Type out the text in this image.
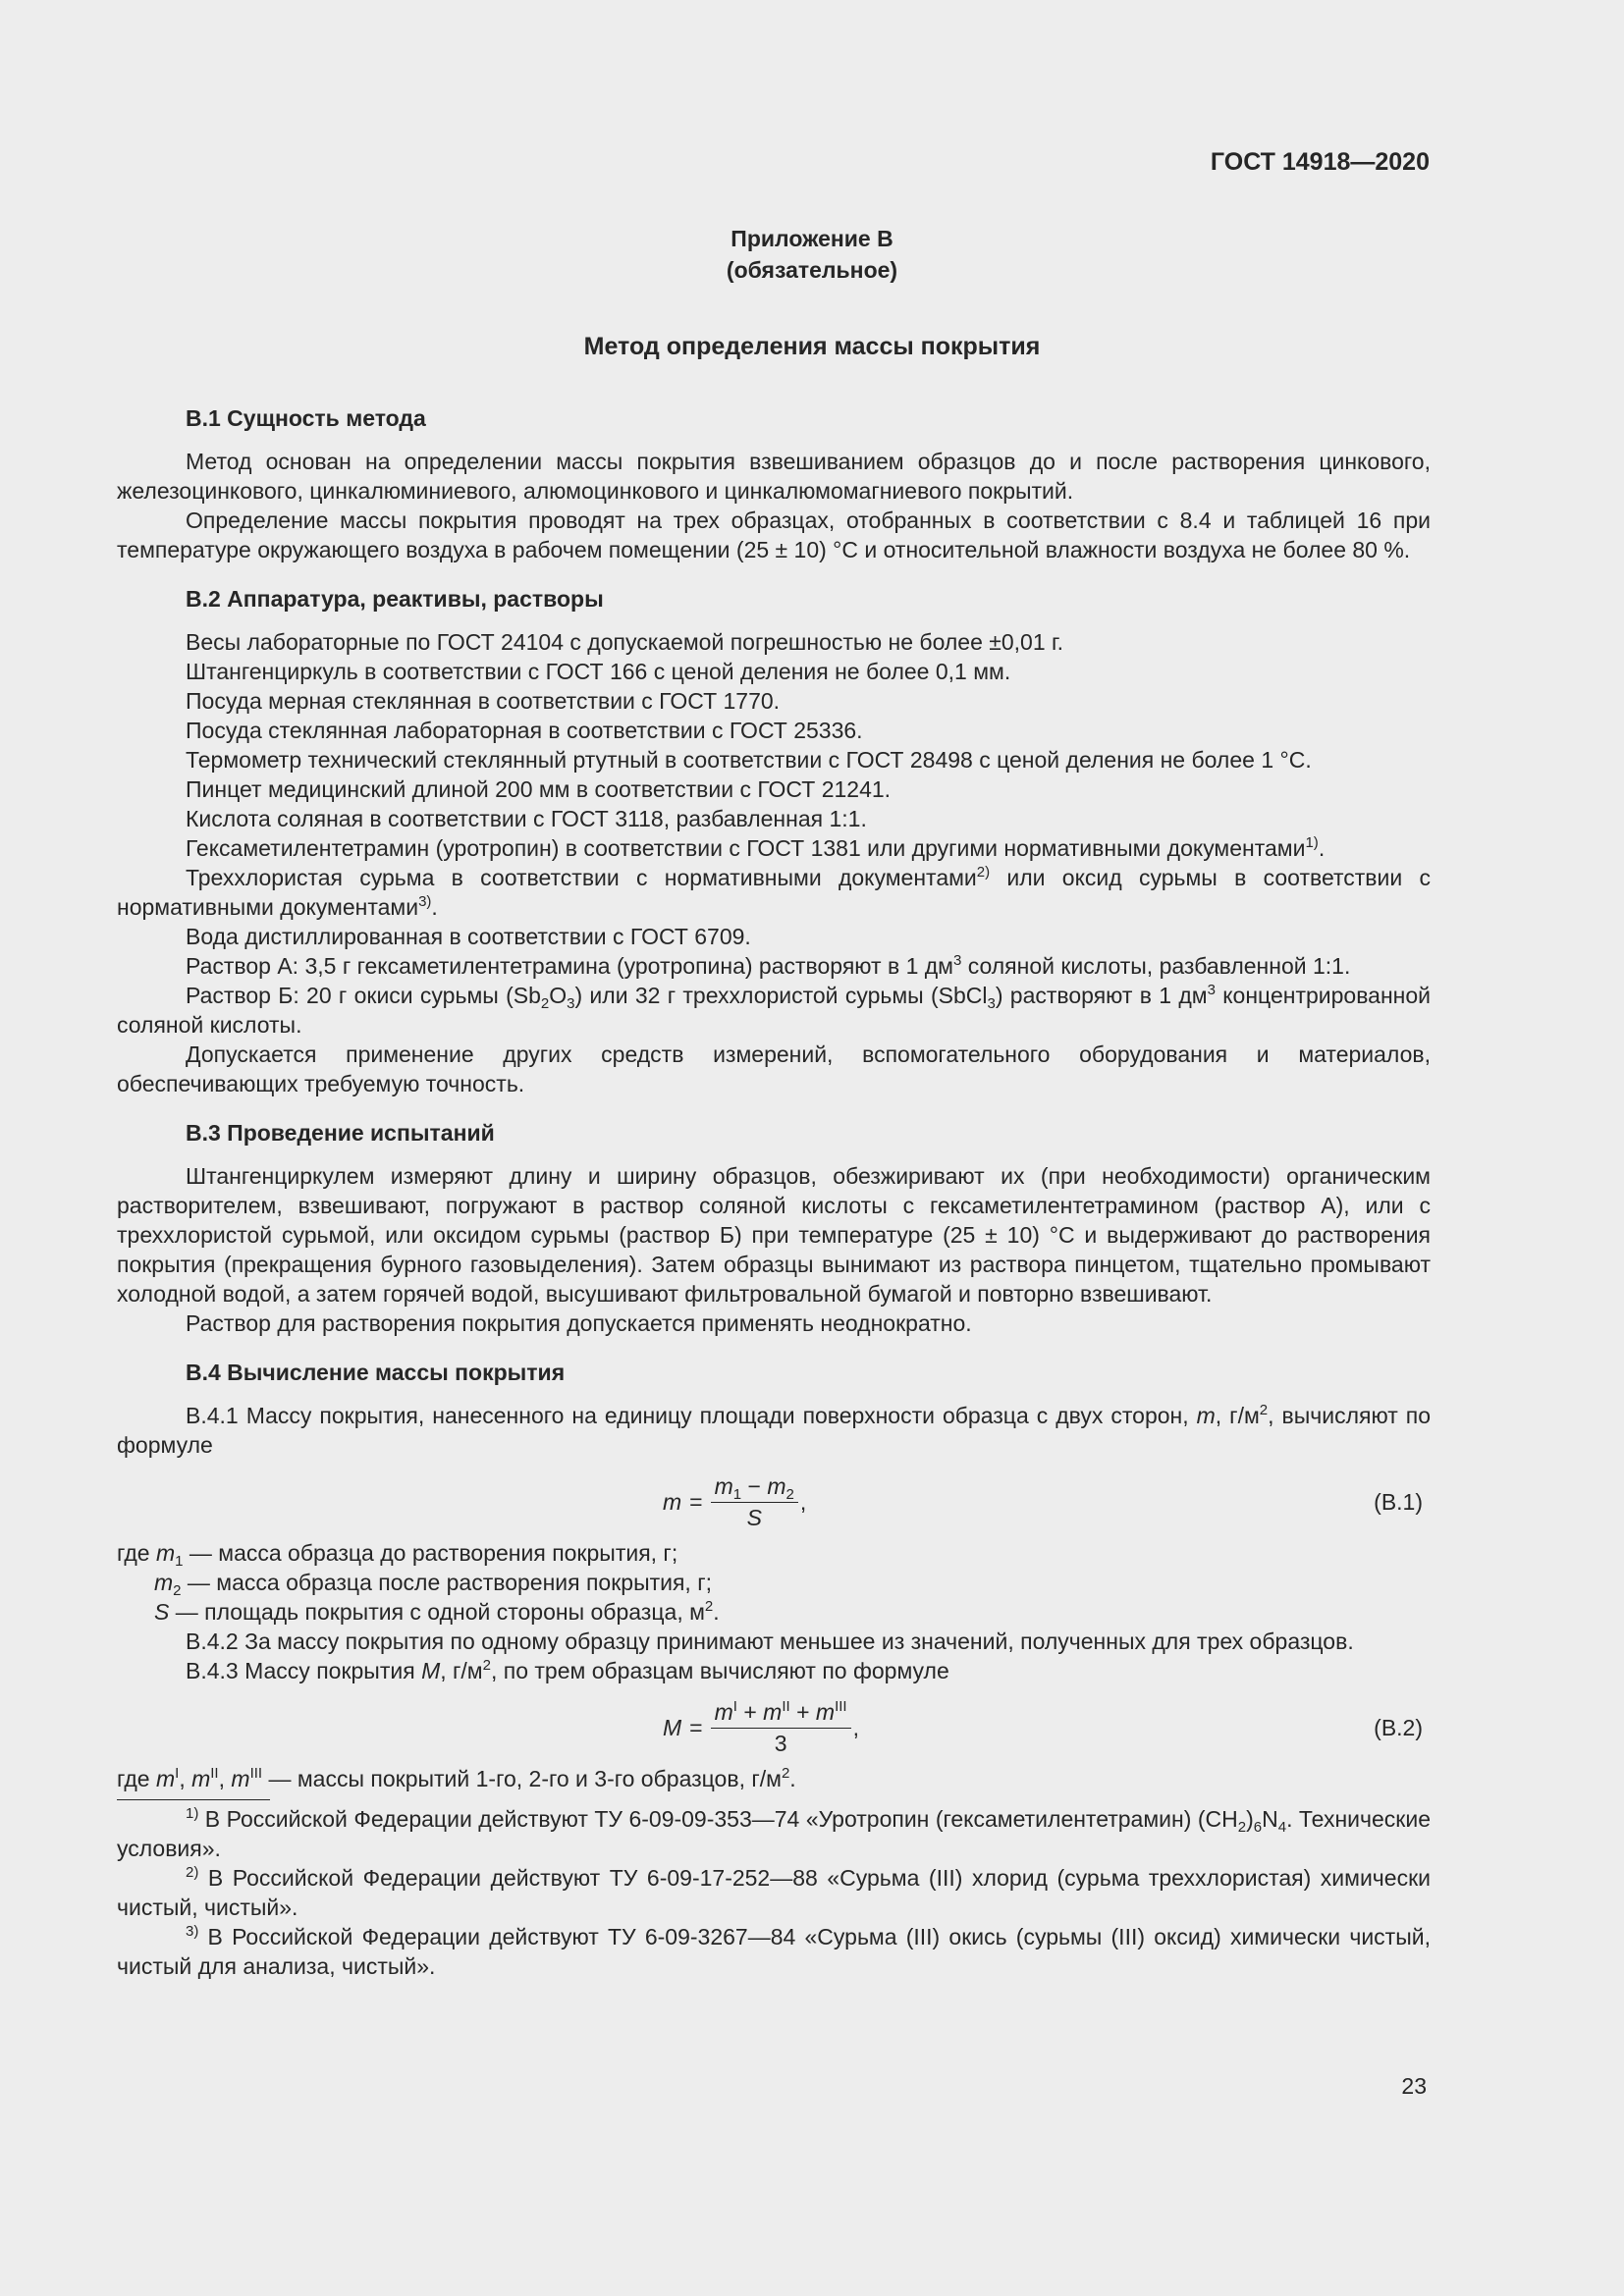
ГОСТ 14918—2020
Приложение В
(обязательное)
Метод определения массы покрытия

В.1 Сущность метода

Метод основан на определении массы покрытия взвешиванием образцов до и после растворения цинкового, железоцинкового, цинкалюминиевого, алюмоцинкового и цинкалюмомагниевого покрытий.

Определение массы покрытия проводят на трех образцах, отобранных в соответствии с 8.4 и таблицей 16 при температуре окружающего воздуха в рабочем помещении (25 ± 10) °С и относительной влажности воздуха не более 80 %.

В.2 Аппаратура, реактивы, растворы

Весы лабораторные по ГОСТ 24104 с допускаемой погрешностью не более ±0,01 г.

Штангенциркуль в соответствии с ГОСТ 166 с ценой деления не более 0,1 мм.

Посуда мерная стеклянная в соответствии с ГОСТ 1770.

Посуда стеклянная лабораторная в соответствии с ГОСТ 25336.

Термометр технический стеклянный ртутный в соответствии с ГОСТ 28498 с ценой деления не более 1 °С.

Пинцет медицинский длиной 200 мм в соответствии с ГОСТ 21241.

Кислота соляная в соответствии с ГОСТ 3118, разбавленная 1:1.

Гексаметилентетрамин (уротропин) в соответствии с ГОСТ 1381 или другими нормативными документами$^{1)}$.

Треххлористая сурьма в соответствии с нормативными документами$^{2)}$ или оксид сурьмы в соответствии с нормативными документами$^{3)}$.

Вода дистиллированная в соответствии с ГОСТ 6709.

Раствор А: 3,5 г гексаметилентетрамина (уротропина) растворяют в 1 $дм^3$ соляной кислоты, разбавленной 1:1.

Раствор Б: 20 г окиси сурьмы $(Sb_2O_3)$ или 32 г треххлористой сурьмы (SbCl$_3$) растворяют в 1 $дм^3$ концентрированной соляной кислоты.

Допускается применение других средств измерений, вспомогательного оборудования и материалов, обеспечивающих требуемую точность.

В.3 Проведение испытаний

Штангенциркулем измеряют длину и ширину образцов, обезжиривают их (при необходимости) органическим растворителем, взвешивают, погружают в раствор соляной кислоты с гексаметилентетрамином (раствор А), или с треххлористой сурьмой, или оксидом сурьмы (раствор Б) при температуре (25 ± 10) °С и выдерживают до растворения покрытия (прекращения бурного газовыделения). Затем образцы вынимают из раствора пинцетом, тщательно промывают холодной водой, а затем горячей водой, высушивают фильтровальной бумагой и повторно взвешивают.

Раствор для растворения покрытия допускается применять неоднократно.

В.4 Вычисление массы покрытия

В.4.1 Массу покрытия, нанесенного на единицу площади поверхности образца с двух сторон, m, $г/м^2$, вычисляют по формуле

$m = \frac{m_1 - m_2}{S}$ ,	(В.1)

где $m_1$ — масса образца до растворения покрытия, г;

$m_2$ — масса образца после растворения покрытия, г;

S — площадь покрытия с одной стороны образца, $м^2$.

В.4.2 За массу покрытия по одному образцу принимают меньшее из значений, полученных для трех образцов.

В.4.3 Массу покрытия M, $г/м^2$, по трем образцам вычисляют по формуле

$M = \frac{m^I + m^{II} + m^{III}}{3}$ ,	(В.2)

где $m^I$, $m^{II}$, $m^{III}$ — массы покрытий 1-го, 2-го и 3-го образцов, $г/м^2$.

$^{1)}$ В Российской Федерации действуют ТУ 6-09-09-353—74 «Уротропин (гексаметилентетрамин) $(CH_2)_6N_4$. Технические условия».

$^{2)}$ В Российской Федерации действуют ТУ 6-09-17-252—88 «Сурьма (III) хлорид (сурьма треххлористая) химически чистый, чистый».

$^{3)}$ В Российской Федерации действуют ТУ 6-09-3267—84 «Сурьма (III) окись (сурьмы (III) оксид) химически чистый, чистый для анализа, чистый».

23
